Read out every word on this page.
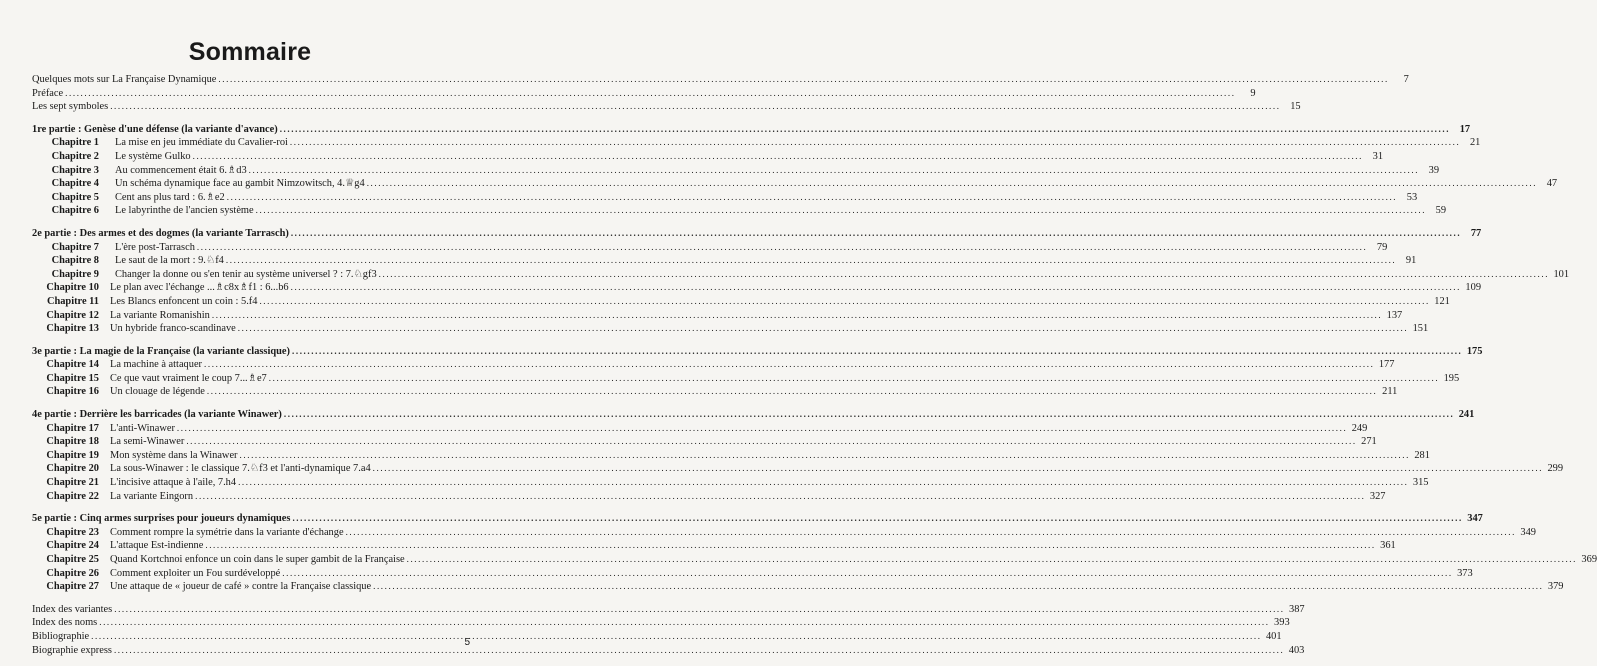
Sommaire
Quelques mots sur La Française Dynamique .....	7
Préface .....	9
Les sept symboles .....	15
1re partie : Genèse d'une défense (la variante d'avance) .....	17
Chapitre 1	La mise en jeu immédiate du Cavalier-roi .....	21
Chapitre 2	Le système Gulko .....	31
Chapitre 3	Au commencement était 6.♗d3 .....	39
Chapitre 4	Un schéma dynamique face au gambit Nimzowitsch, 4.♕g4 .....	47
Chapitre 5	Cent ans plus tard : 6.♗e2 .....	53
Chapitre 6	Le labyrinthe de l'ancien système .....	59
2e partie : Des armes et des dogmes (la variante Tarrasch) .....	77
Chapitre 7	L'ère post-Tarrasch .....	79
Chapitre 8	Le saut de la mort : 9.♘f4 .....	91
Chapitre 9	Changer la donne ou s'en tenir au système universel ? : 7.♘gf3 .....	101
Chapitre 10	Le plan avec l'échange ...♗c8x♗f1 : 6...b6 .....	109
Chapitre 11	Les Blancs enfoncent un coin : 5.f4 .....	121
Chapitre 12	La variante Romanishin .....	137
Chapitre 13	Un hybride franco-scandinave .....	151
3e partie : La magie de la Française (la variante classique) .....	175
Chapitre 14	La machine à attaquer .....	177
Chapitre 15	Ce que vaut vraiment le coup 7...♗e7 .....	195
Chapitre 16	Un clouage de légende .....	211
4e partie : Derrière les barricades (la variante Winawer) .....	241
Chapitre 17	L'anti-Winawer .....	249
Chapitre 18	La semi-Winawer .....	271
Chapitre 19	Mon système dans la Winawer .....	281
Chapitre 20	La sous-Winawer : le classique 7.♘f3 et l'anti-dynamique 7.a4 .....	299
Chapitre 21	L'incisive attaque à l'aile, 7.h4 .....	315
Chapitre 22	La variante Eingorn .....	327
5e partie : Cinq armes surprises pour joueurs dynamiques .....	347
Chapitre 23	Comment rompre la symétrie dans la variante d'échange .....	349
Chapitre 24	L'attaque Est-indienne .....	361
Chapitre 25	Quand Kortchnoi enfonce un coin dans le super gambit de la Française .....	369
Chapitre 26	Comment exploiter un Fou surdéveloppé .....	373
Chapitre 27	Une attaque de « joueur de café » contre la Française classique .....	379
Index des variantes .....	387
Index des noms .....	393
Bibliographie .....	401
Biographie express .....	403
5
